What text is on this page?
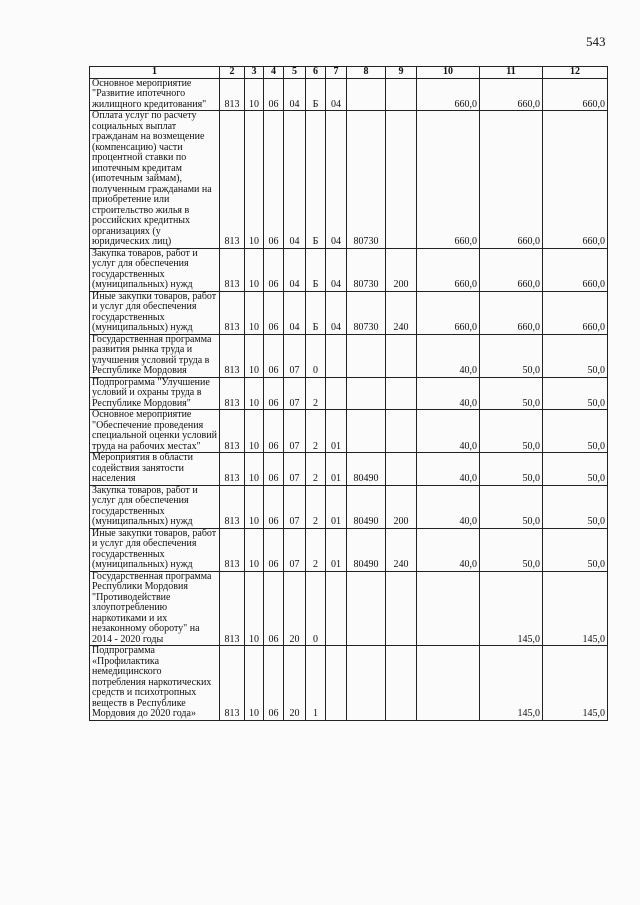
543
1	2	3	4	5	6	7	8	9	10	11	12
Основное мероприятие "Развитие ипотечного жилищного кредитования"	813	10	06	04	Б	04			660,0	660,0	660,0
Оплата услуг по расчету социальных выплат гражданам на возмещение (компенсацию) части процентной ставки по ипотечным кредитам (ипотечным займам), полученным гражданами на приобретение или строительство жилья в российских кредитных организациях (у юридических лиц)	813	10	06	04	Б	04	80730		660,0	660,0	660,0
Закупка товаров, работ и услуг для обеспечения государственных (муниципальных) нужд	813	10	06	04	Б	04	80730	200	660,0	660,0	660,0
Иные закупки товаров, работ и услуг для обеспечения государственных (муниципальных) нужд	813	10	06	04	Б	04	80730	240	660,0	660,0	660,0
Государственная программа развития рынка труда и улучшения условий труда в Республике Мордовия	813	10	06	07	0				40,0	50,0	50,0
Подпрограмма "Улучшение условий и охраны труда в Республике Мордовия"	813	10	06	07	2				40,0	50,0	50,0
Основное мероприятие "Обеспечение проведения специальной оценки условий труда на рабочих местах"	813	10	06	07	2	01			40,0	50,0	50,0
Мероприятия в области содействия занятости населения	813	10	06	07	2	01	80490		40,0	50,0	50,0
Закупка товаров, работ и услуг для обеспечения государственных (муниципальных) нужд	813	10	06	07	2	01	80490	200	40,0	50,0	50,0
Иные закупки товаров, работ и услуг для обеспечения государственных (муниципальных) нужд	813	10	06	07	2	01	80490	240	40,0	50,0	50,0
Государственная программа Республики Мордовия "Противодействие злоупотреблению наркотиками и их незаконному обороту" на 2014 - 2020 годы	813	10	06	20	0					145,0	145,0
Подпрограмма «Профилактика немедицинского потребления наркотических средств и психотропных веществ в Республике Мордовия до 2020 года»	813	10	06	20	1					145,0	145,0
